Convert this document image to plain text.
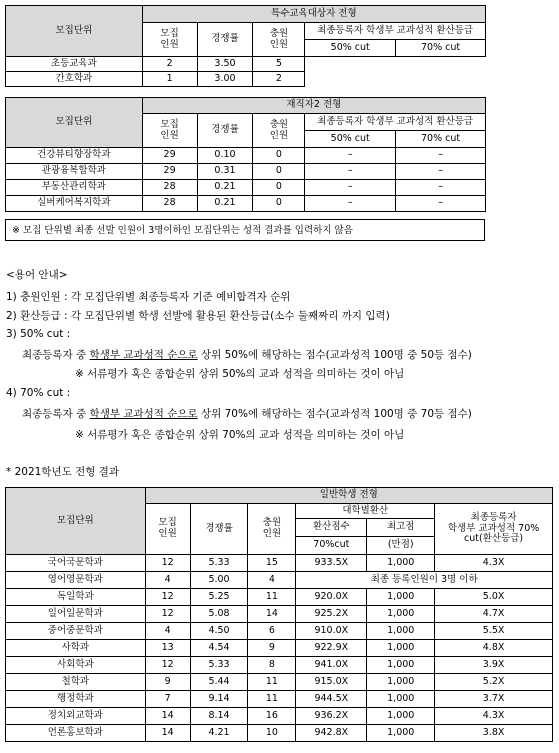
모집단위	특수교육대상자 전형				
	모집
인원	경쟁률	충원
인원	최종등록자 학생부 교과성적 환산등급	
				50% cut	70% cut
초등교육과	2	3.50	5		
간호학과	1	3.00	2		
모집단위	재직자2 전형				
	모집
인원	경쟁률	충원
인원	최종등록자 학생부 교과성적 환산등급	
				50% cut	70% cut
건강뷰티향장학과	29	0.10	0	–	–
관광융복합학과	29	0.31	0	–	–
부동산관리학과	28	0.21	0	–	–
실버케어복지학과	28	0.21	0	–	–
※ 모집 단위별 최종 선발 인원이 3명이하인 모집단위는 성적 결과를 입력하지 않음
<용어 안내>
1) 충원인원 : 각 모집단위별 최종등록자 기준 예비합격자 순위
2) 환산등급 : 각 모집단위별 학생 선발에 활용된 환산등급(소수 둘째짜리 까지 입력)
3) 50% cut :
최종등록자 중 학생부 교과성적 순으로 상위 50%에 해당하는 점수(교과성적 100명 중 50등 점수)
※ 서류평가 혹은 종합순위 상위 50%의 교과 성적을 의미하는 것이 아님
4) 70% cut :
최종등록자 중 학생부 교과성적 순으로 상위 70%에 해당하는 점수(교과성적 100명 중 70등 점수)
※ 서류평가 혹은 종합순위 상위 70%의 교과 성적을 의미하는 것이 아님
* 2021학년도 전형 결과
모집단위	일반학생 전형					
	모집
인원	경쟁률	충원
인원	대학별환산		최종등록자
학생부 교과성적 70%
cut(환산등급)
				환산점수	최고점	
				70%cut	(만점)	
국어국문학과	12	5.33	15	933.5X	1,000	4.3X
영어영문학과	4	5.00	4	최종 등록인원이 3명 이하		
독일학과	12	5.25	11	920.0X	1,000	5.0X
일어일문학과	12	5.08	14	925.2X	1,000	4.7X
중어중문학과	4	4.50	6	910.0X	1,000	5.5X
사학과	13	4.54	9	922.9X	1,000	4.8X
사회학과	12	5.33	8	941.0X	1,000	3.9X
철학과	9	5.44	11	915.0X	1,000	5.2X
행정학과	7	9.14	11	944.5X	1,000	3.7X
정치외교학과	14	8.14	16	936.2X	1,000	4.3X
언론홍보학과	14	4.21	10	942.8X	1,000	3.8X
